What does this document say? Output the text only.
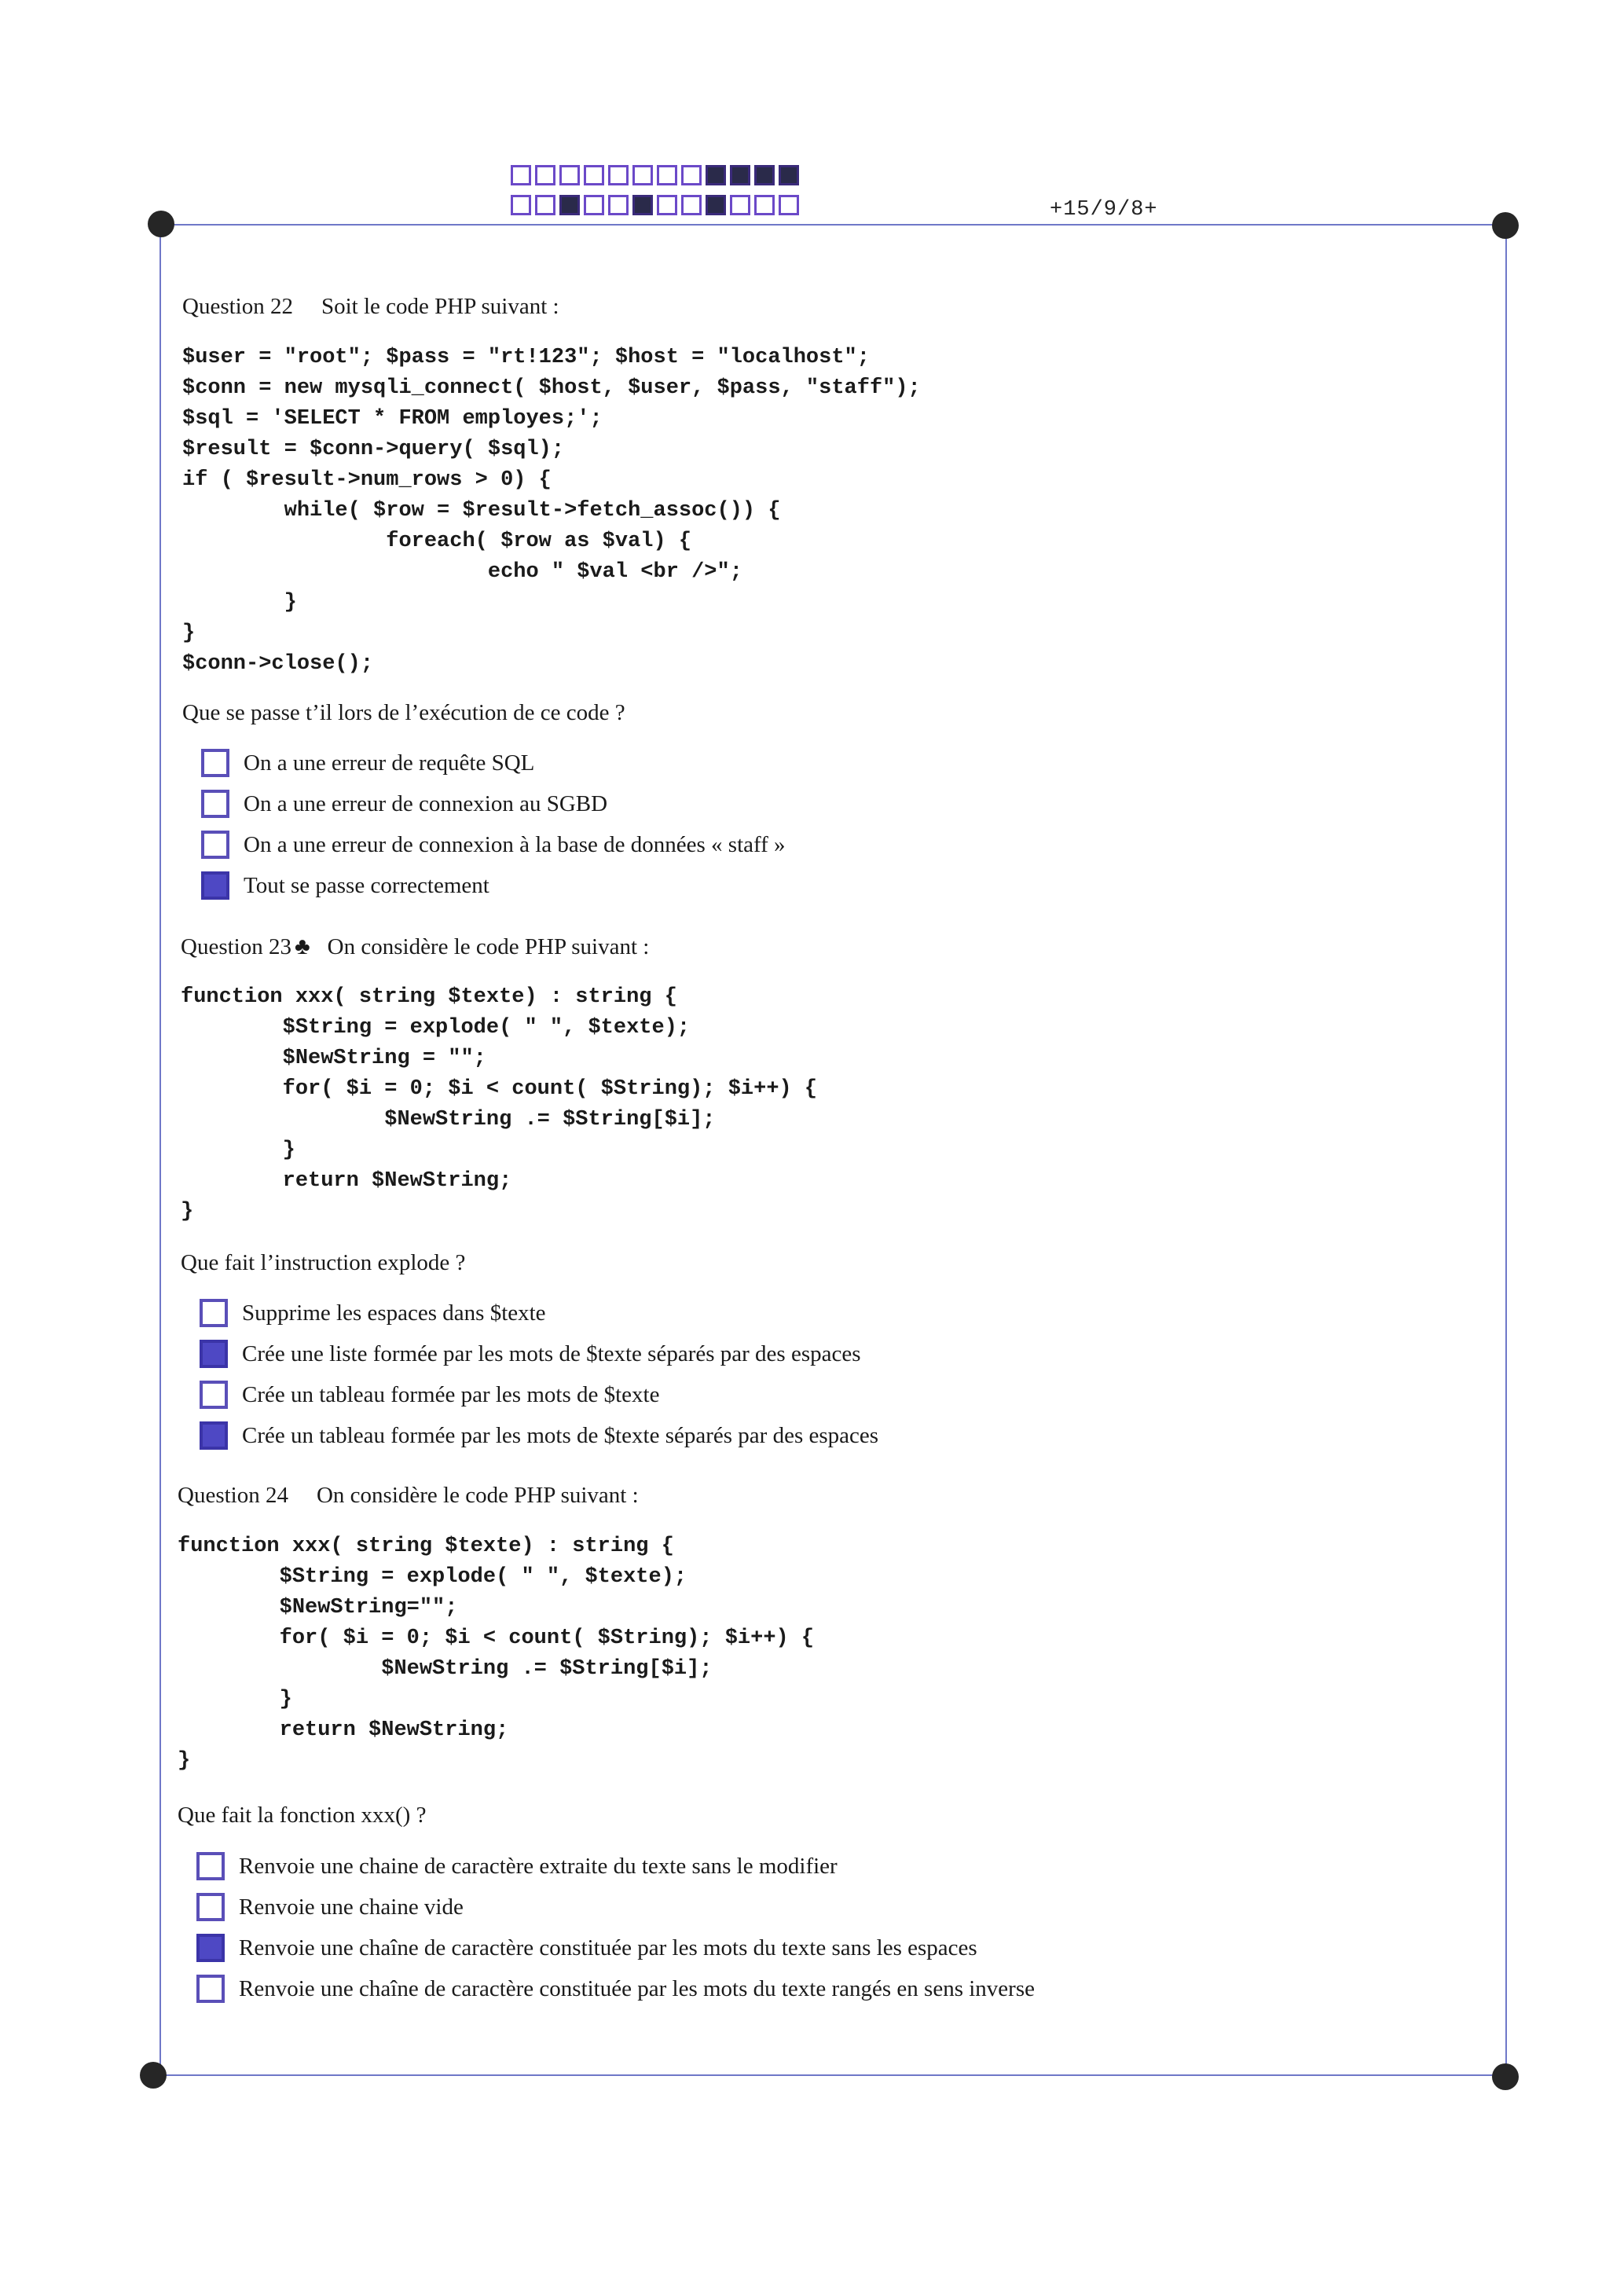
+15/9/8+
Question 22 Soit le code PHP suivant :
$user = "root"; $pass = "rt!123"; $host = "localhost";
$conn = new mysqli_connect( $host, $user, $pass, "staff");
$sql = 'SELECT * FROM employes;';
$result = $conn->query( $sql);
if ( $result->num_rows > 0) {
while( $row = $result->fetch_assoc()) {
foreach( $row as $val) {
echo " $val <br />";
}
}
$conn->close();
Que se passe t’il lors de l’exécution de ce code ?
On a une erreur de requête SQL
On a une erreur de connexion au SGBD
On a une erreur de connexion à la base de données « staff »
Tout se passe correctement
Question 23 ♣ On considère le code PHP suivant :
function xxx( string $texte) : string {
$String = explode( " ", $texte);
$NewString = "";
for( $i = 0; $i < count( $String); $i++) {
$NewString .= $String[$i];
}
return $NewString;
}
Que fait l’instruction explode ?
Supprime les espaces dans $texte
Crée une liste formée par les mots de $texte séparés par des espaces
Crée un tableau formée par les mots de $texte
Crée un tableau formée par les mots de $texte séparés par des espaces
Question 24 On considère le code PHP suivant :
function xxx( string $texte) : string {
$String = explode( " ", $texte);
$NewString="";
for( $i = 0; $i < count( $String); $i++) {
$NewString .= $String[$i];
}
return $NewString;
}
Que fait la fonction xxx() ?
Renvoie une chaine de caractère extraite du texte sans le modifier
Renvoie une chaine vide
Renvoie une chaîne de caractère constituée par les mots du texte sans les espaces
Renvoie une chaîne de caractère constituée par les mots du texte rangés en sens inverse
